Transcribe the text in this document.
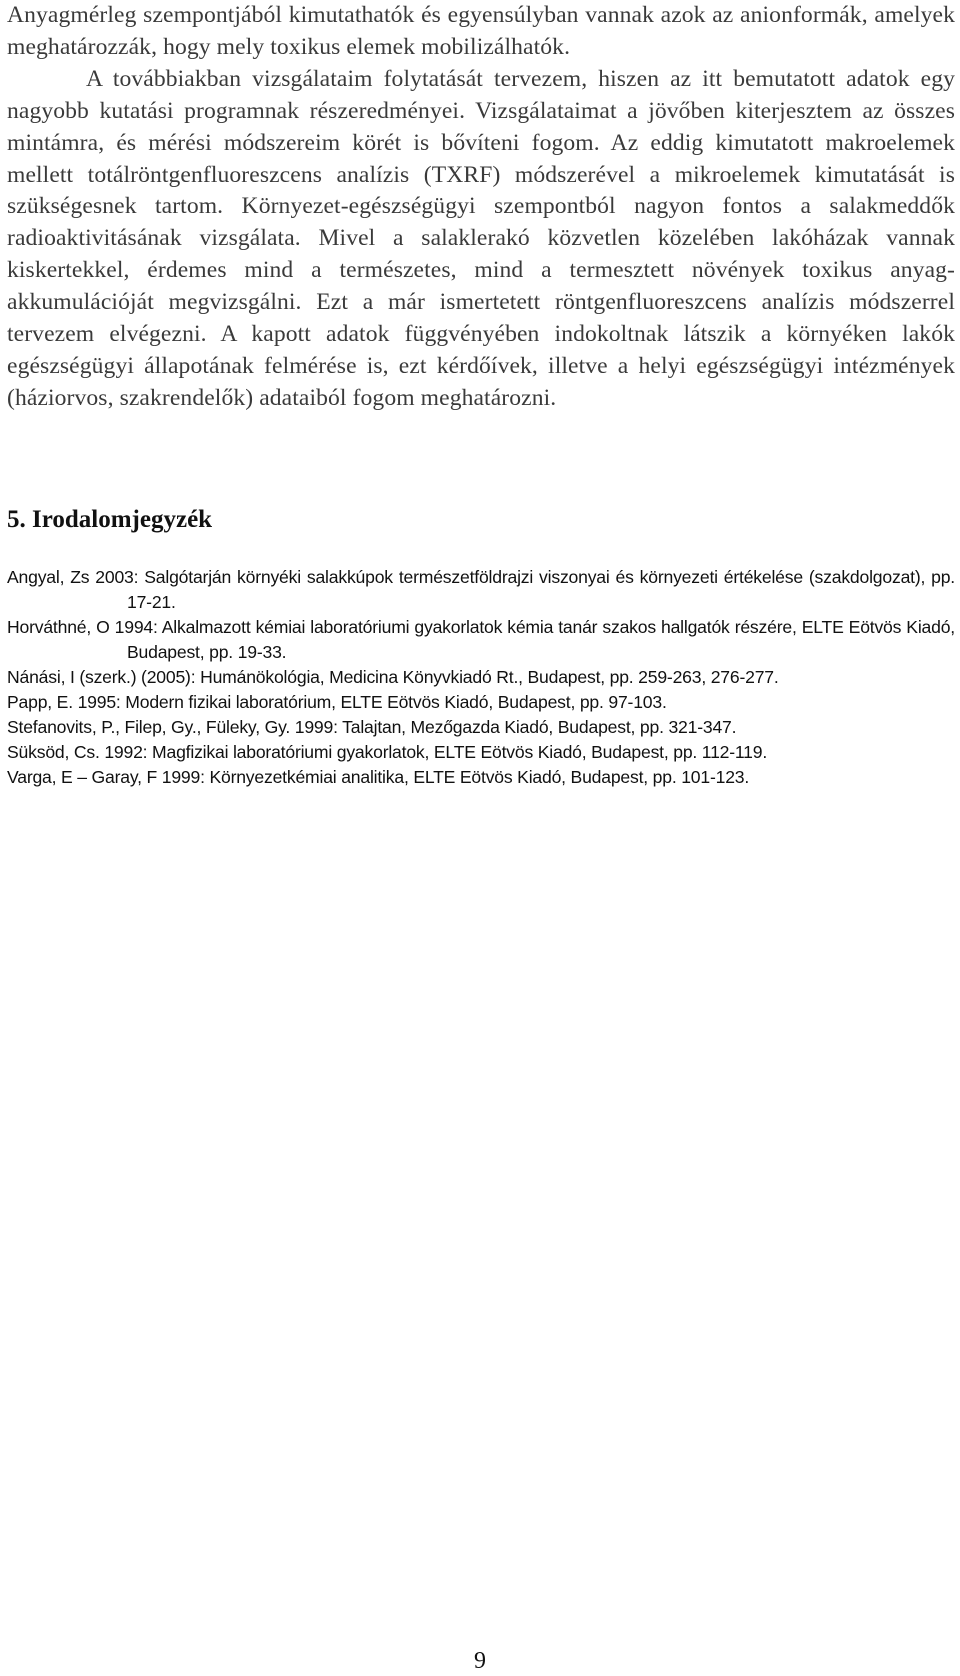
Anyagmérleg szempontjából kimutathatók és egyensúlyban vannak azok az anionformák, amelyek meghatározzák, hogy mely toxikus elemek mobilizálhatók.

A továbbiakban vizsgálataim folytatását tervezem, hiszen az itt bemutatott adatok egy nagyobb kutatási programnak részeredményei. Vizsgálataimat a jövőben kiterjesztem az összes mintámra, és mérési módszereim körét is bővíteni fogom. Az eddig kimutatott makroelemek mellett totálröntgenfluoreszcens analízis (TXRF) módszerével a mikroelemek kimutatását is szükségesnek tartom. Környezet-egészségügyi szempontból nagyon fontos a salakmeddők radioaktivitásának vizsgálata. Mivel a salaklerakó közvetlen közelében lakóházak vannak kiskertekkel, érdemes mind a természetes, mind a termesztett növények toxikus anyag-akkumulációját megvizsgálni. Ezt a már ismertetett röntgenfluoreszcens analízis módszerrel tervezem elvégezni. A kapott adatok függvényében indokoltnak látszik a környéken lakók egészségügyi állapotának felmérése is, ezt kérdőívek, illetve a helyi egészségügyi intézmények (háziorvos, szakrendelők) adataiból fogom meghatározni.

5. Irodalomjegyzék
Angyal, Zs 2003: Salgótarján környéki salakkúpok természetföldrajzi viszonyai és környezeti értékelése (szakdolgozat), pp. 17-21.
Horváthné, O 1994: Alkalmazott kémiai laboratóriumi gyakorlatok kémia tanár szakos hallgatók részére, ELTE Eötvös Kiadó, Budapest, pp. 19-33.
Nánási, I (szerk.) (2005): Humánökológia, Medicina Könyvkiadó Rt., Budapest, pp. 259-263, 276-277.
Papp, E. 1995: Modern fizikai laboratórium, ELTE Eötvös Kiadó, Budapest, pp. 97-103.
Stefanovits, P., Filep, Gy., Füleky, Gy. 1999: Talajtan, Mezőgazda Kiadó, Budapest, pp. 321-347.
Süksöd, Cs. 1992: Magfizikai laboratóriumi gyakorlatok, ELTE Eötvös Kiadó, Budapest, pp. 112-119.
Varga, E – Garay, F 1999: Környezetkémiai analitika, ELTE Eötvös Kiadó, Budapest, pp. 101-123.
9
